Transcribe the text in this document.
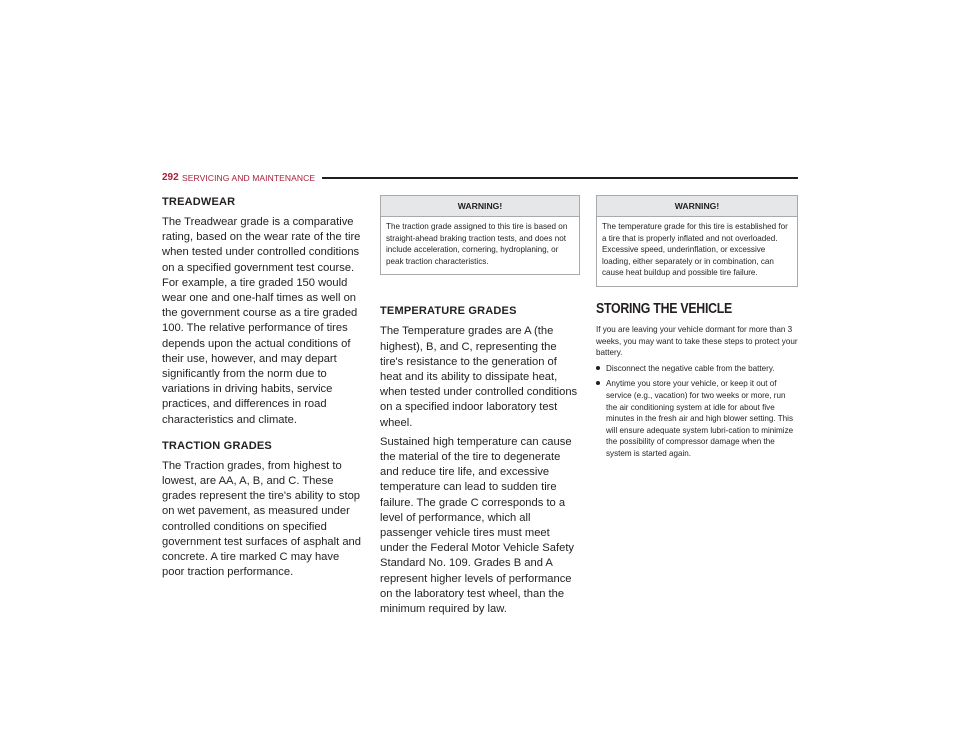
292 SERVICING AND MAINTENANCE
TREADWEAR

The Treadwear grade is a comparative rating, based on the wear rate of the tire when tested under controlled conditions on a specified government test course. For example, a tire graded 150 would wear one and one-half times as well on the government course as a tire graded 100. The relative performance of tires depends upon the actual conditions of their use, however, and may depart significantly from the norm due to variations in driving habits, service practices, and differences in road characteristics and climate.

TRACTION GRADES

The Traction grades, from highest to lowest, are AA, A, B, and C. These grades represent the tire's ability to stop on wet pavement, as measured under controlled conditions on specified government test surfaces of asphalt and concrete. A tire marked C may have poor traction performance.

WARNING!

The traction grade assigned to this tire is based on straight-ahead braking traction tests, and does not include acceleration, cornering, hydroplaning, or peak traction characteristics.

TEMPERATURE GRADES

The Temperature grades are A (the highest), B, and C, representing the tire's resistance to the generation of heat and its ability to dissipate heat, when tested under controlled conditions on a specified indoor laboratory test wheel.

Sustained high temperature can cause the material of the tire to degenerate and reduce tire life, and excessive temperature can lead to sudden tire failure. The grade C corresponds to a level of performance, which all passenger vehicle tires must meet under the Federal Motor Vehicle Safety Standard No. 109. Grades B and A represent higher levels of performance on the laboratory test wheel, than the minimum required by law.

WARNING!

The temperature grade for this tire is established for a tire that is properly inflated and not overloaded. Excessive speed, underinflation, or excessive loading, either separately or in combination, can cause heat buildup and possible tire failure.

STORING THE VEHICLE

If you are leaving your vehicle dormant for more than 3 weeks, you may want to take these steps to protect your battery.

Disconnect the negative cable from the battery.
Anytime you store your vehicle, or keep it out of service (e.g., vacation) for two weeks or more, run the air conditioning system at idle for about five minutes in the fresh air and high blower setting. This will ensure adequate system lubri-cation to minimize the possibility of compressor damage when the system is started again.
